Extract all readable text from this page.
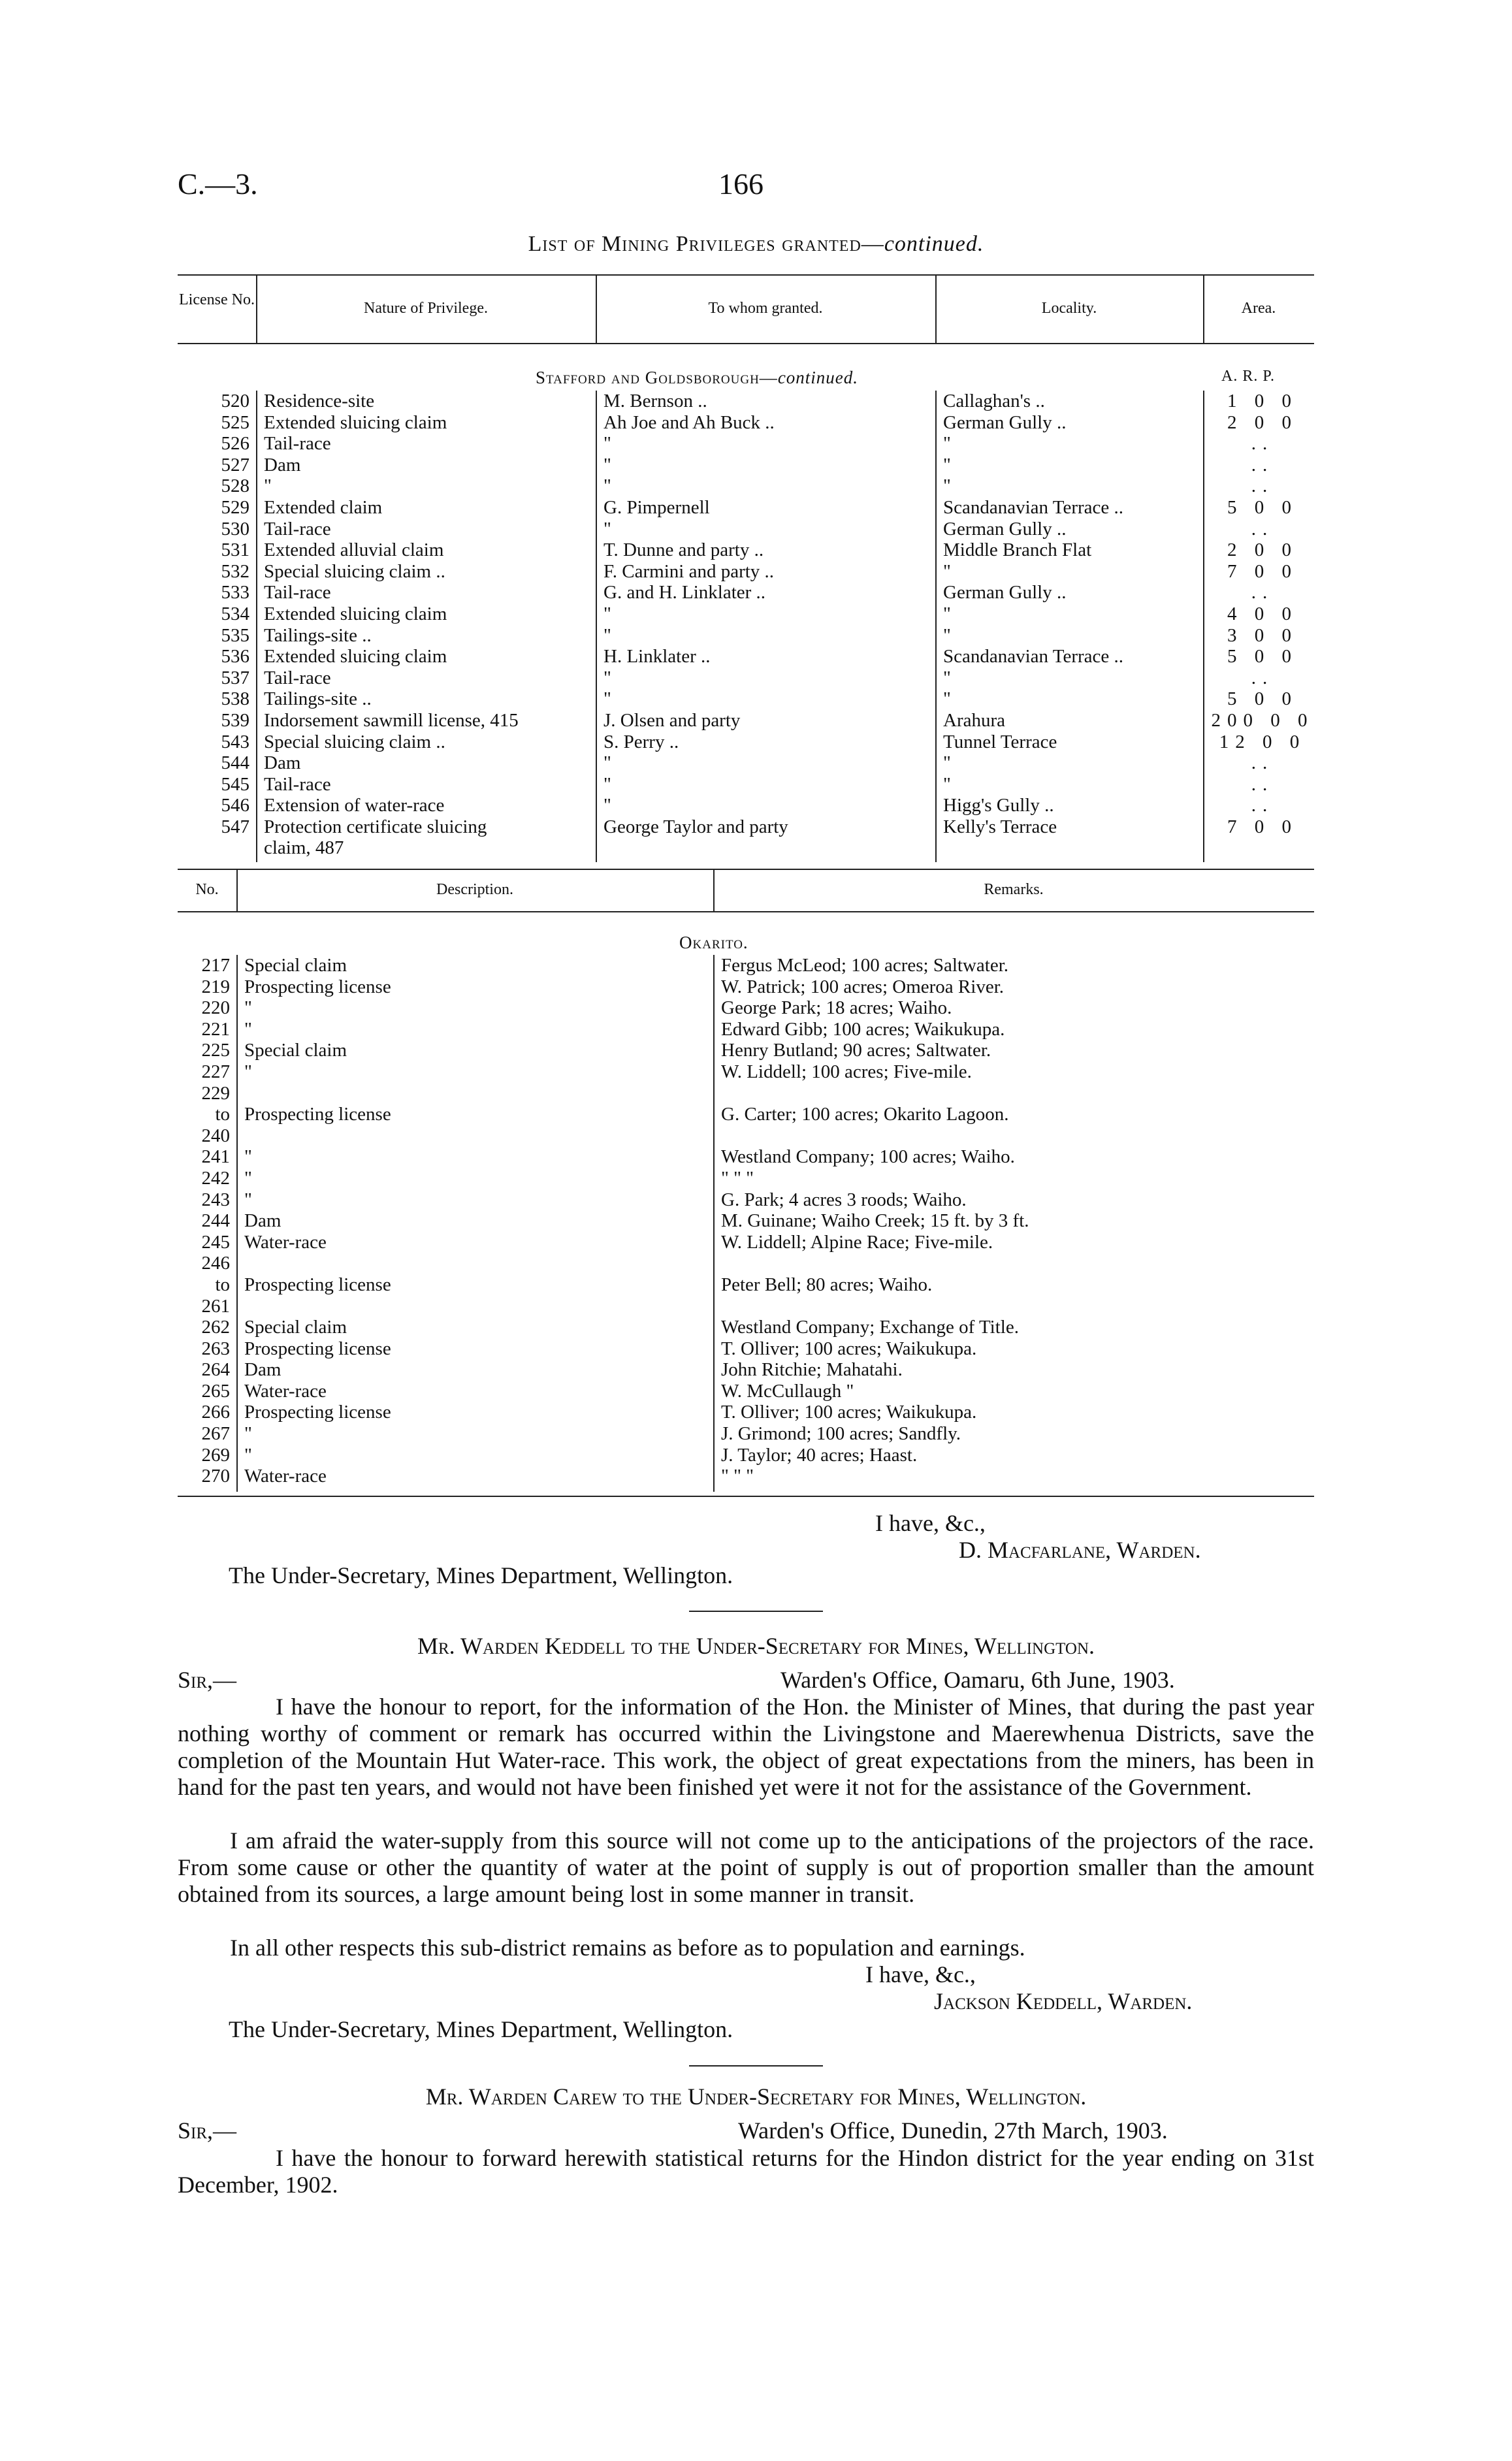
C.—3.	166
List of Mining Privileges granted—continued.
License No.	Nature of Privilege.	To whom granted.	Locality.	Area.
Stafford and Goldsborough—continued.	A. R. P.
520	Residence-site	M. Bernson ..	Callaghan's ..	1 0 0
525	Extended sluicing claim	Ah Joe and Ah Buck ..	German Gully ..	2 0 0
526	Tail-race	"	"	..
527	Dam	"	"	..
528	"	"	"	..
529	Extended claim	G. Pimpernell	Scandanavian Terrace ..	5 0 0
530	Tail-race	"	German Gully ..	..
531	Extended alluvial claim	T. Dunne and party ..	Middle Branch Flat	2 0 0
532	Special sluicing claim ..	F. Carmini and party ..	"	7 0 0
533	Tail-race	G. and H. Linklater ..	German Gully ..	..
534	Extended sluicing claim	"	"	4 0 0
535	Tailings-site ..	"	"	3 0 0
536	Extended sluicing claim	H. Linklater ..	Scandanavian Terrace ..	5 0 0
537	Tail-race	"	"	..
538	Tailings-site ..	"	"	5 0 0
539	Indorsement sawmill license, 415	J. Olsen and party	Arahura	200 0 0
543	Special sluicing claim ..	S. Perry ..	Tunnel Terrace	12 0 0
544	Dam	"	"	..
545	Tail-race	"	"	..
546	Extension of water-race	"	Higg's Gully ..	..
547	Protection certificate sluicing	George Taylor and party	Kelly's Terrace	7 0 0
	claim, 487			
No.	Description.	Remarks.
Okarito.
217	Special claim	Fergus McLeod; 100 acres; Saltwater.
219	Prospecting license	W. Patrick; 100 acres; Omeroa River.
220	"	George Park; 18 acres; Waiho.
221	"	Edward Gibb; 100 acres; Waikukupa.
225	Special claim	Henry Butland; 90 acres; Saltwater.
227	"	W. Liddell; 100 acres; Five-mile.
229		
to	Prospecting license	G. Carter; 100 acres; Okarito Lagoon.
240		
241	"	Westland Company; 100 acres; Waiho.
242	"	" " "
243	"	G. Park; 4 acres 3 roods; Waiho.
244	Dam	M. Guinane; Waiho Creek; 15 ft. by 3 ft.
245	Water-race	W. Liddell; Alpine Race; Five-mile.
246		
to	Prospecting license	Peter Bell; 80 acres; Waiho.
261		
262	Special claim	Westland Company; Exchange of Title.
263	Prospecting license	T. Olliver; 100 acres; Waikukupa.
264	Dam	John Ritchie; Mahatahi.
265	Water-race	W. McCullaugh "
266	Prospecting license	T. Olliver; 100 acres; Waikukupa.
267	"	J. Grimond; 100 acres; Sandfly.
269	"	J. Taylor; 40 acres; Haast.
270	Water-race	" " "
I have, &c.,
D. Macfarlane, Warden.
The Under-Secretary, Mines Department, Wellington.
Mr. Warden Keddell to the Under-Secretary for Mines, Wellington.
Sir,—	Warden's Office, Oamaru, 6th June, 1903.
I have the honour to report, for the information of the Hon. the Minister of Mines, that during the past year nothing worthy of comment or remark has occurred within the Livingstone and Maerewhenua Districts, save the completion of the Mountain Hut Water-race. This work, the object of great expectations from the miners, has been in hand for the past ten years, and would not have been finished yet were it not for the assistance of the Government.
I am afraid the water-supply from this source will not come up to the anticipations of the projectors of the race. From some cause or other the quantity of water at the point of supply is out of proportion smaller than the amount obtained from its sources, a large amount being lost in some manner in transit.
In all other respects this sub-district remains as before as to population and earnings.
I have, &c.,
Jackson Keddell, Warden.
The Under-Secretary, Mines Department, Wellington.
Mr. Warden Carew to the Under-Secretary for Mines, Wellington.
Sir,—	Warden's Office, Dunedin, 27th March, 1903.
I have the honour to forward herewith statistical returns for the Hindon district for the year ending on 31st December, 1902.
